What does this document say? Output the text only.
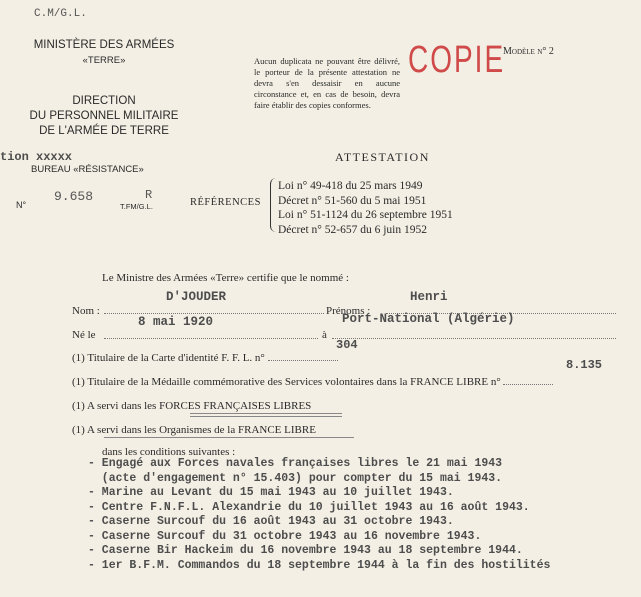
C.M/G.L.
MINISTÈRE DES ARMÉES
«TERRE»
DIRECTION
DU PERSONNEL MILITAIRE
DE L'ARMÉE DE TERRE
tion xxxxx
BUREAU «RÉSISTANCE»
N°
9.658	R
T.FM/G.L.
Aucun duplicata ne pouvant être délivré, le porteur de la présente attestation ne devra s'en dessaisir en aucune circonstance et, en cas de besoin, devra faire établir des copies conformes.
COPIE
Modèle n° 2
ATTESTATION
RÉFÉRENCES
Loi n° 49-418 du 25 mars 1949
Décret n° 51-560 du 5 mai 1951
Loi n° 51-1124 du 26 septembre 1951
Décret n° 52-657 du 6 juin 1952
Le Ministre des Armées «Terre» certifie que le nommé :
Nom :
D'JOUDER
Prénoms :
Henri
Né le
8 mai 1920
à
Port-National (Algérie)
304
(1) Titulaire de la Carte d'identité F. F. L. n°	8.135
(1) Titulaire de la Médaille commémorative des Services volontaires dans la FRANCE LIBRE n°
(1) A servi dans les FORCES FRANÇAISES LIBRES
(1) A servi dans les Organismes de la FRANCE LIBRE
dans les conditions suivantes :
- Engagé aux Forces navales françaises libres le 21 mai 1943
(acte d'engagement n° 15.403) pour compter du 15 mai 1943.
- Marine au Levant du 15 mai 1943 au 10 juillet 1943.
- Centre F.N.F.L. Alexandrie du 10 juillet 1943 au 16 août 1943.
- Caserne Surcouf du 16 août 1943 au 31 octobre 1943.
- Caserne Surcouf du 31 octobre 1943 au 16 novembre 1943.
- Caserne Bir Hackeim du 16 novembre 1943 au 18 septembre 1944.
- 1er B.F.M. Commandos du 18 septembre 1944 à la fin des hostilités
